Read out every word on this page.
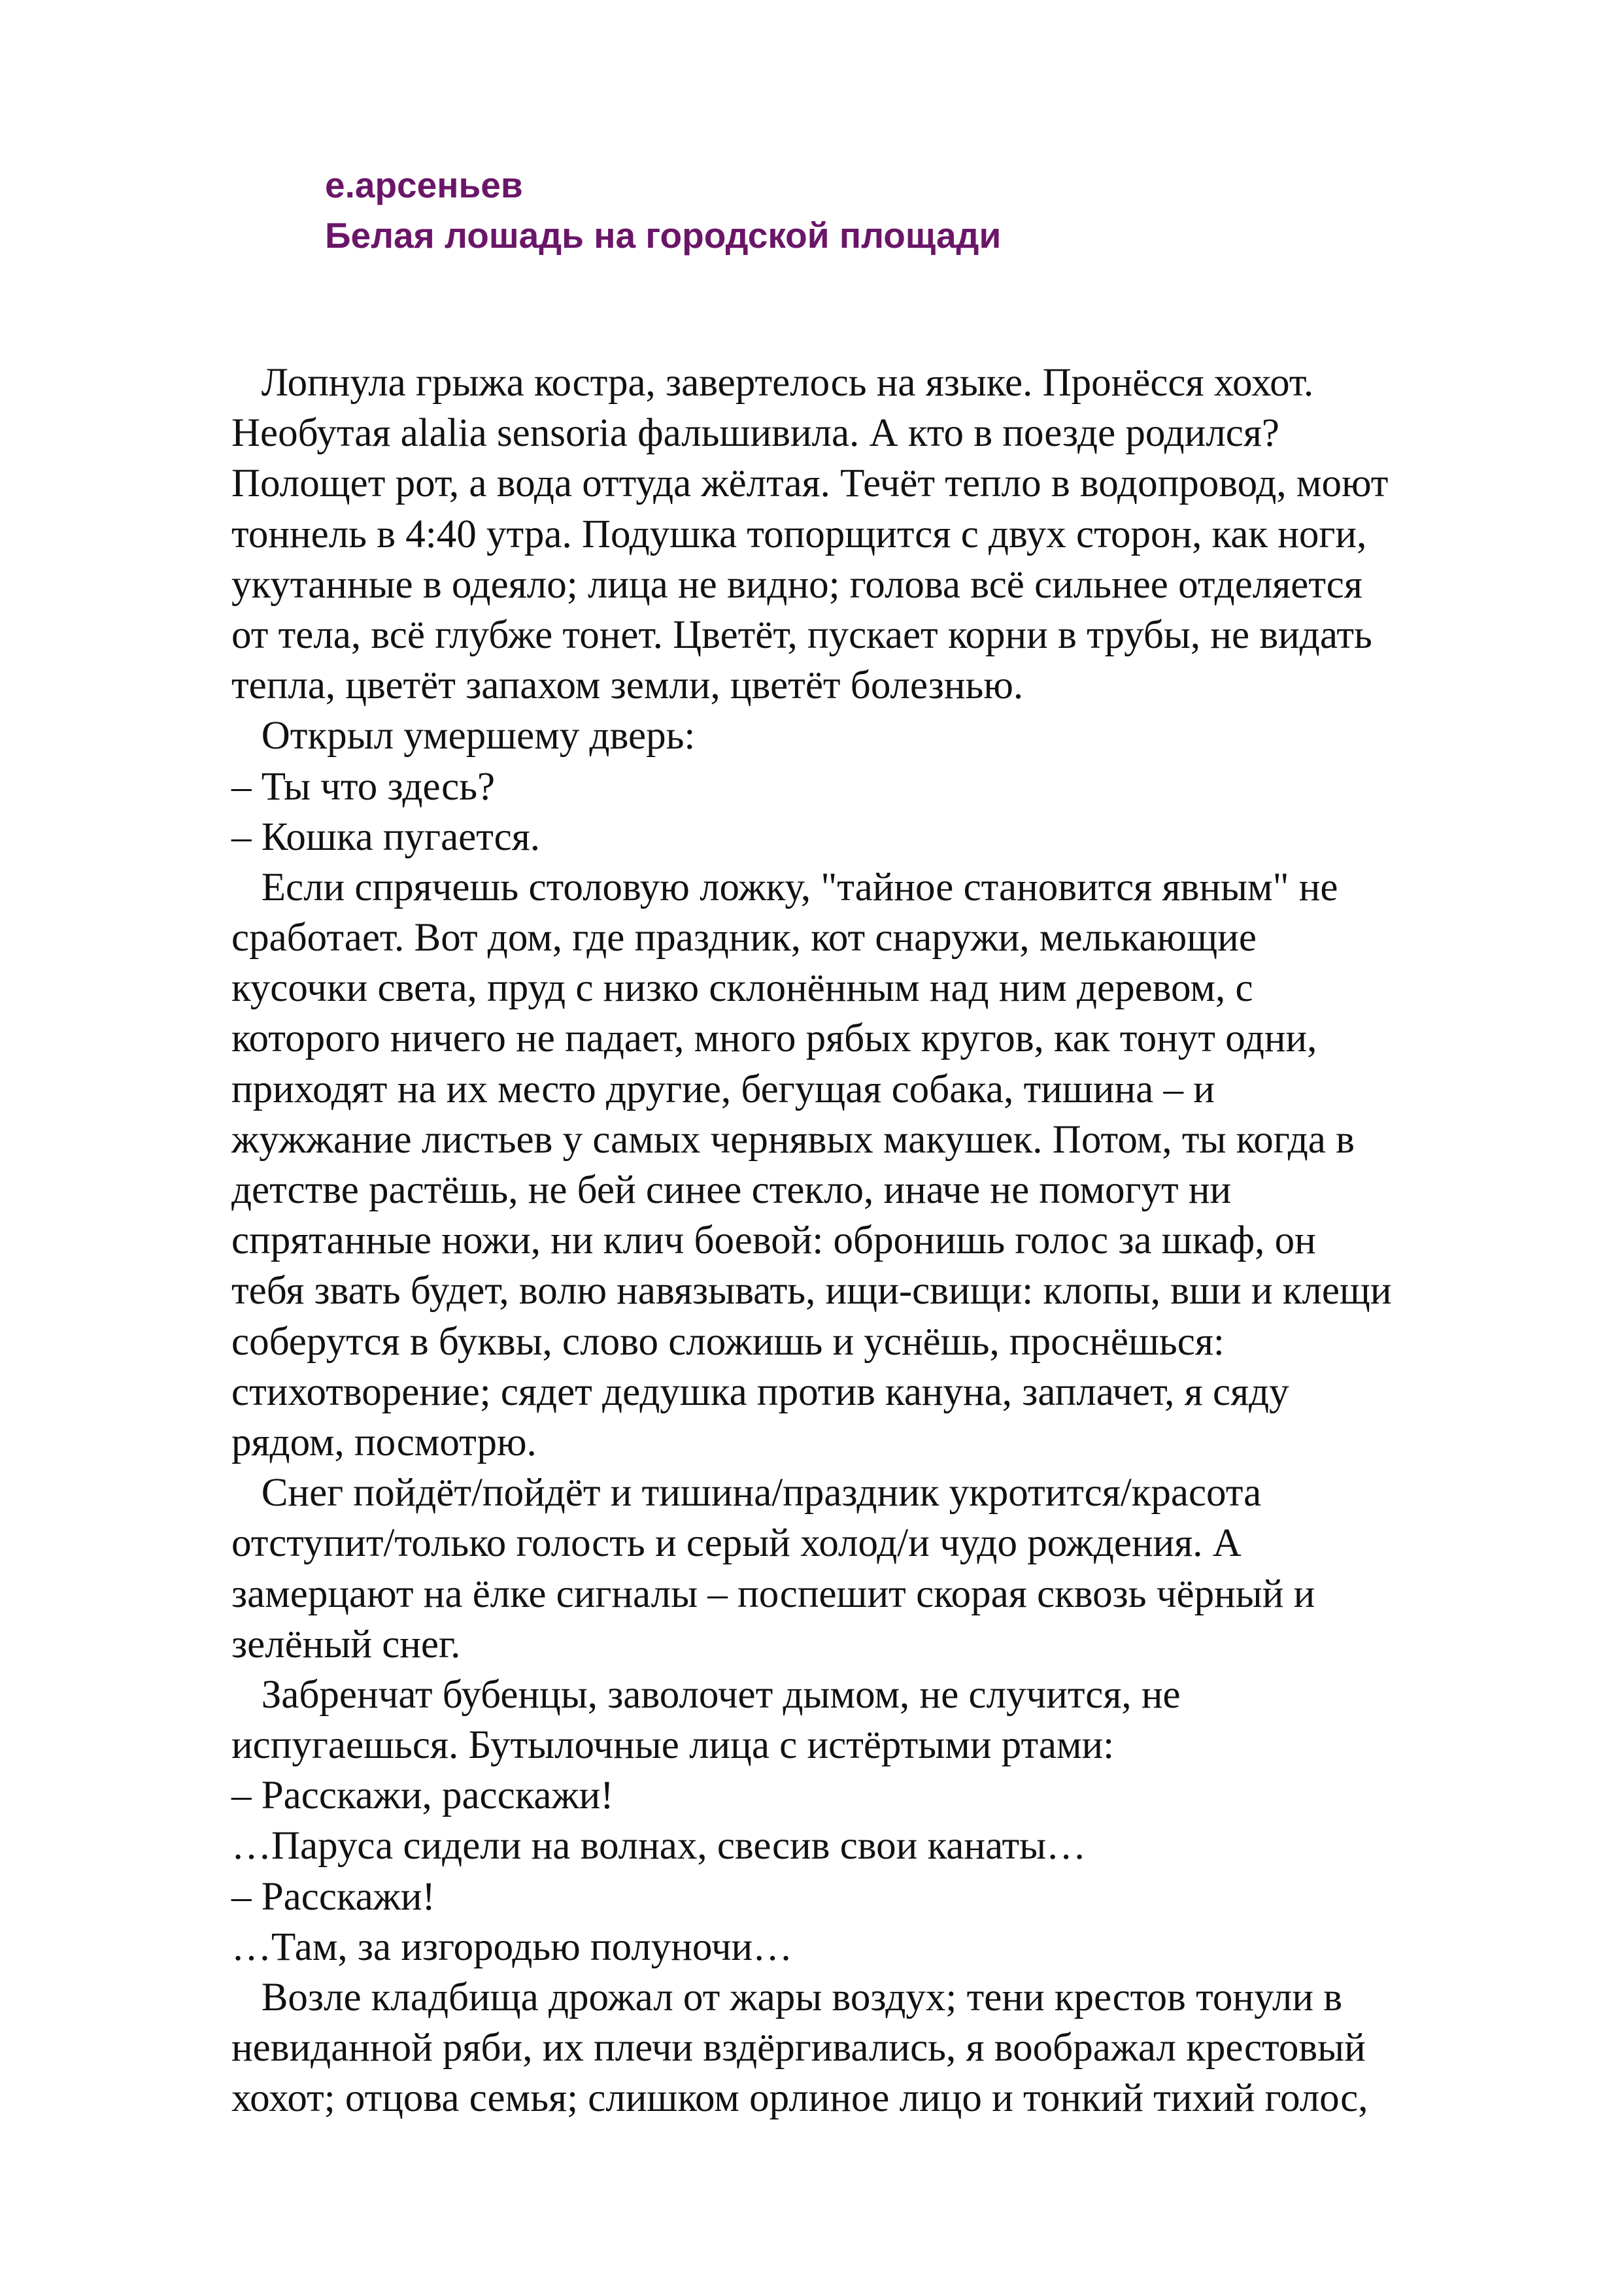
е.арсеньев
Белая лошадь на городской площади
Лопнула грыжа костра, завертелось на языке. Пронёсся хохот.
Необутая alalia sensoria фальшивила. А кто в поезде родился?
Полощет рот, а вода оттуда жёлтая. Течёт тепло в водопровод, моют
тоннель в 4:40 утра. Подушка топорщится с двух сторон, как ноги,
укутанные в одеяло; лица не видно; голова всё сильнее отделяется
от тела, всё глубже тонет. Цветёт, пускает корни в трубы, не видать
тепла, цветёт запахом земли, цветёт болезнью.
Открыл умершему дверь:
– Ты что здесь?
– Кошка пугается.
Если спрячешь столовую ложку, "тайное становится явным" не
сработает. Вот дом, где праздник, кот снаружи, мелькающие
кусочки света, пруд с низко склонённым над ним деревом, с
которого ничего не падает, много рябых кругов, как тонут одни,
приходят на их место другие, бегущая собака, тишина – и
жужжание листьев у самых чернявых макушек. Потом, ты когда в
детстве растёшь, не бей синее стекло, иначе не помогут ни
спрятанные ножи, ни клич боевой: обронишь голос за шкаф, он
тебя звать будет, волю навязывать, ищи-свищи: клопы, вши и клещи
соберутся в буквы, слово сложишь и уснёшь, проснёшься:
стихотворение; сядет дедушка против кануна, заплачет, я сяду
рядом, посмотрю.
Снег пойдёт/пойдёт и тишина/праздник укротится/красота
отступит/только голость и серый холод/и чудо рождения. А
замерцают на ёлке сигналы – поспешит скорая сквозь чёрный и
зелёный снег.
Забренчат бубенцы, заволочет дымом, не случится, не
испугаешься. Бутылочные лица с истёртыми ртами:
– Расскажи, расскажи!
…Паруса сидели на волнах, свесив свои канаты…
– Расскажи!
…Там, за изгородью полуночи…
Возле кладбища дрожал от жары воздух; тени крестов тонули в
невиданной ряби, их плечи вздёргивались, я воображал крестовый
хохот; отцова семья; слишком орлиное лицо и тонкий тихий голос,
